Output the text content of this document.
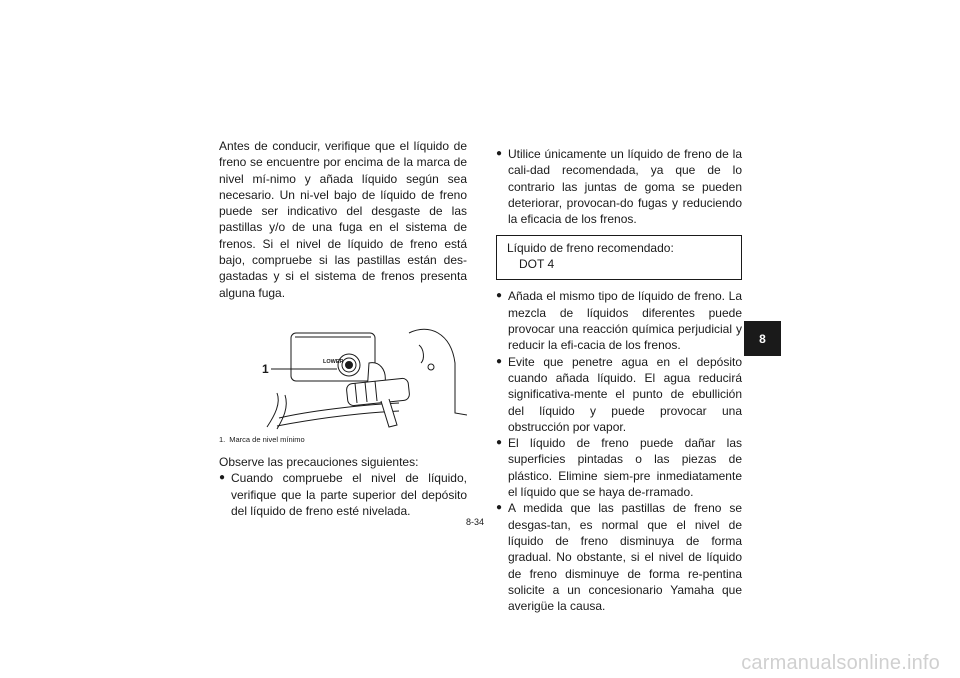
Antes de conducir, verifique que el líquido de freno se encuentre por encima de la marca de nivel mí-nimo y añada líquido según sea necesario. Un ni-vel bajo de líquido de freno puede ser indicativo del desgaste de las pastillas y/o de una fuga en el sistema de frenos. Si el nivel de líquido de freno está bajo, compruebe si las pastillas están des-gastadas y si el sistema de frenos presenta alguna fuga.

LOWER
1
1. Marca de nivel mínimo

Observe las precauciones siguientes:

● Cuando compruebe el nivel de líquido, verifique que la parte superior del depósito del líquido de freno esté nivelada.

● Utilice únicamente un líquido de freno de la cali-dad recomendada, ya que de lo contrario las juntas de goma se pueden deteriorar, provocan-do fugas y reduciendo la eficacia de los frenos.

Líquido de freno recomendado:
DOT 4

● Añada el mismo tipo de líquido de freno. La mezcla de líquidos diferentes puede provocar una reacción química perjudicial y reducir la efi-cacia de los frenos.

● Evite que penetre agua en el depósito cuando añada líquido. El agua reducirá significativa-mente el punto de ebullición del líquido y puede provocar una obstrucción por vapor.

● El líquido de freno puede dañar las superficies pintadas o las piezas de plástico. Elimine siem-pre inmediatamente el líquido que se haya de-rramado.

● A medida que las pastillas de freno se desgas-tan, es normal que el nivel de líquido de freno disminuya de forma gradual. No obstante, si el nivel de líquido de freno disminuye de forma re-pentina solicite a un concesionario Yamaha que averigüe la causa.

8-34
8
carmanualsonline.info
